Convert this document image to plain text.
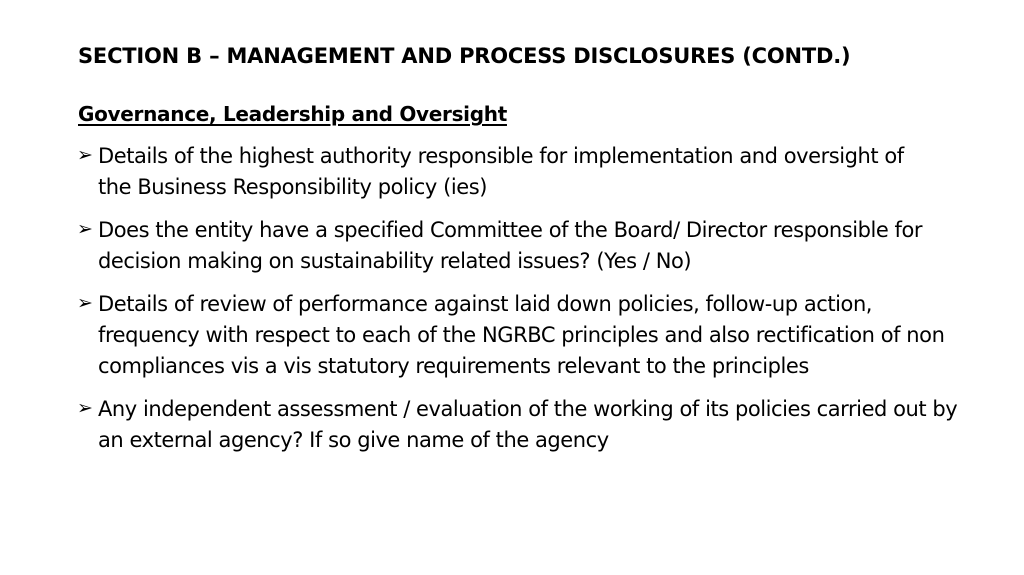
SECTION B – MANAGEMENT AND PROCESS DISCLOSURES (CONTD.)
Governance, Leadership and Oversight
➢ Details of the highest authority responsible for implementation and oversight of the Business Responsibility policy (ies)
➢ Does the entity have a specified Committee of the Board/ Director responsible for decision making on sustainability related issues? (Yes / No)
➢ Details of review of performance against laid down policies, follow-up action, frequency with respect to each of the NGRBC principles and also rectification of non compliances vis a vis statutory requirements relevant to the principles
➢ Any independent assessment / evaluation of the working of its policies carried out by an external agency? If so give name of the agency
